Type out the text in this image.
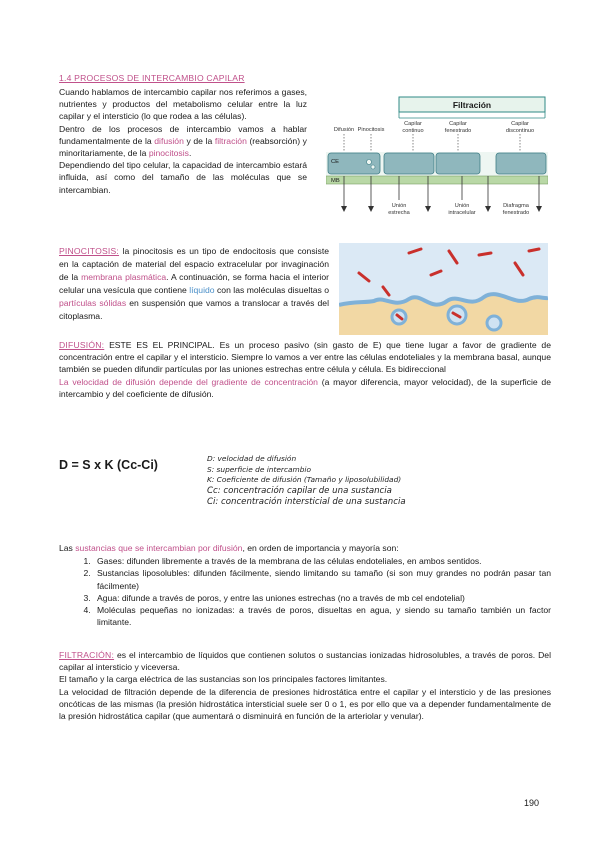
1.4 PROCESOS DE INTERCAMBIO CAPILAR

Cuando hablamos de intercambio capilar nos referimos a gases, nutrientes y productos del metabolismo celular entre la luz capilar y el intersticio (lo que rodea a las células).

Dentro de los procesos de intercambio vamos a hablar fundamentalmente de la difusión y de la filtración (reabsorción) y minoritariamente, de la pinocitosis.

Dependiendo del tipo celular, la capacidad de intercambio estará influida, así como del tamaño de las moléculas que se intercambian.

Filtración
Difusión Pinocitosis
Capilar
continuo
Capilar
fenestrado
Capilar
discontinuo
CE
MB
Unión
estrecha
Unión
intracelular
Diafragma
fenestrado
PINOCITOSIS: la pinocitosis es un tipo de endocitosis que consiste en la captación de material del espacio extracelular por invaginación de la membrana plasmática. A continuación, se forma hacia el interior celular una vesícula que contiene líquido con las moléculas disueltas o partículas sólidas en suspensión que vamos a translocar a través del citoplasma.

DIFUSIÓN: ESTE ES EL PRINCIPAL. Es un proceso pasivo (sin gasto de E) que tiene lugar a favor de gradiente de concentración entre el capilar y el intersticio. Siempre lo vamos a ver entre las células endoteliales y la membrana basal, aunque también se pueden difundir partículas por las uniones estrechas entre célula y célula. Es bidireccional

La velocidad de difusión depende del gradiente de concentración (a mayor diferencia, mayor velocidad), de la superficie de intercambio y del coeficiente de difusión.

D = S x K (Cc-Ci)	D: velocidad de difusión
S: superficie de intercambio
K: Coeficiente de difusión (Tamaño y liposolubilidad)
Cc: concentración capilar de una sustancia
Ci: concentración intersticial de una sustancia

Las sustancias que se intercambian por difusión, en orden de importancia y mayoría son:

1. Gases: difunden libremente a través de la membrana de las células endoteliales, en ambos sentidos.
2. Sustancias liposolubles: difunden fácilmente, siendo limitando su tamaño (si son muy grandes no podrán pasar tan fácilmente)
3. Agua: difunde a través de poros, y entre las uniones estrechas (no a través de mb cel endotelial)
4. Moléculas pequeñas no ionizadas: a través de poros, disueltas en agua, y siendo su tamaño también un factor limitante.

FILTRACIÓN: es el intercambio de líquidos que contienen solutos o sustancias ionizadas hidrosolubles, a través de poros. Del capilar al intersticio y viceversa.

El tamaño y la carga eléctrica de las sustancias son los principales factores limitantes.

La velocidad de filtración depende de la diferencia de presiones hidrostática entre el capilar y el intersticio y de las presiones oncóticas de las mismas (la presión hidrostática intersticial suele ser 0 o 1, es por ello que va a depender fundamentalmente de la presión hidrostática capilar (que aumentará o disminuirá en función de la arteriolar y venular).

190
